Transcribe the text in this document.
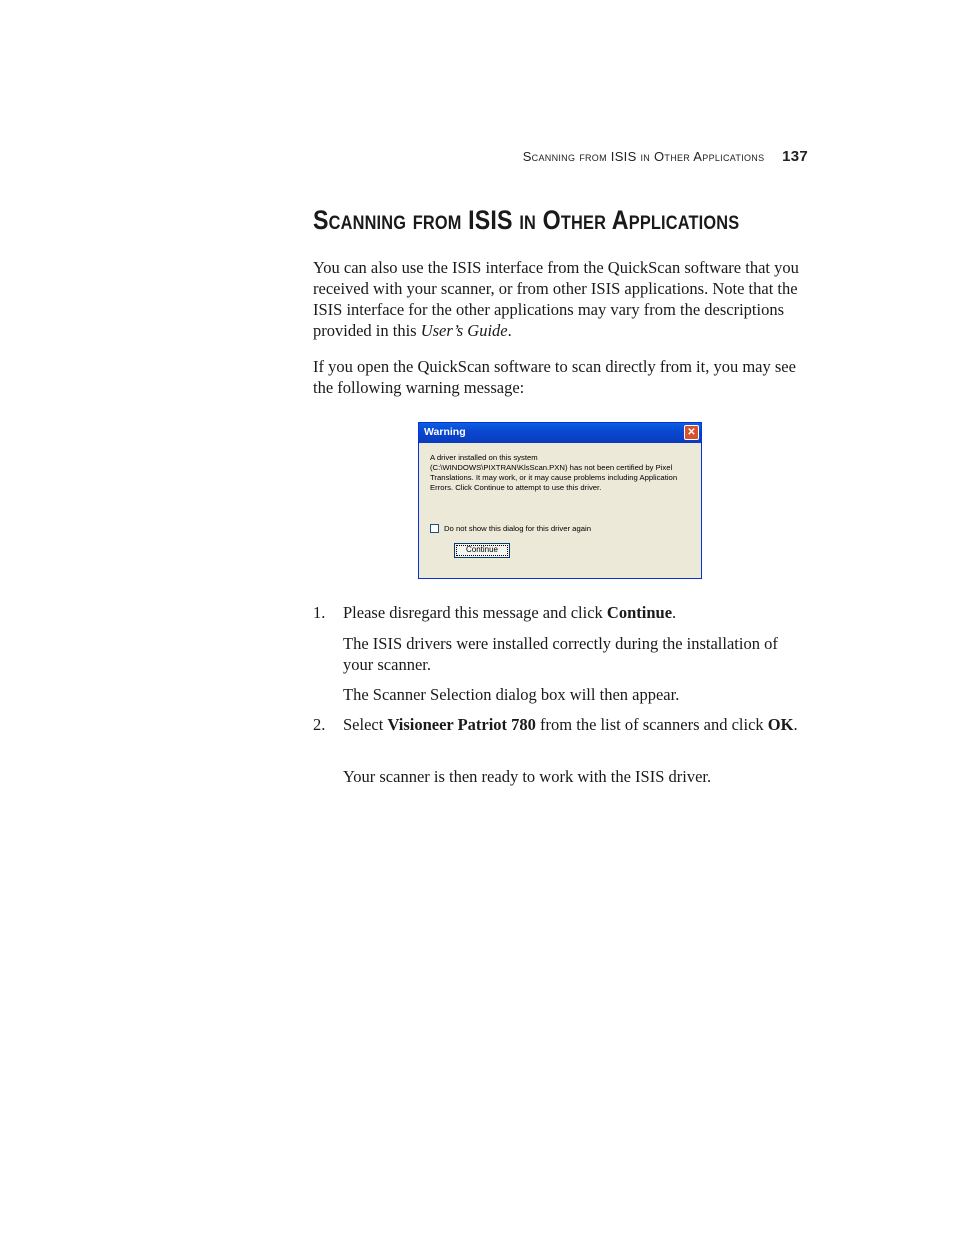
Scanning from ISIS in Other Applications 137
Scanning from ISIS in Other Applications

You can also use the ISIS interface from the QuickScan software that you received with your scanner, or from other ISIS applications. Note that the ISIS interface for the other applications may vary from the descriptions provided in this User’s Guide.

If you open the QuickScan software to scan directly from it, you may see the following warning message:

Warning	✕
A driver installed on this system
(C:\WINDOWS\PIXTRAN\KlsScan.PXN) has not been certified by Pixel
Translations. It may work, or it may cause problems including Application
Errors. Click Continue to attempt to use this driver.
Do not show this dialog for this driver again
Continue
1. Please disregard this message and click Continue.

The ISIS drivers were installed correctly during the installation of your scanner.

The Scanner Selection dialog box will then appear.

2. Select Visioneer Patriot 780 from the list of scanners and click OK.

Your scanner is then ready to work with the ISIS driver.
